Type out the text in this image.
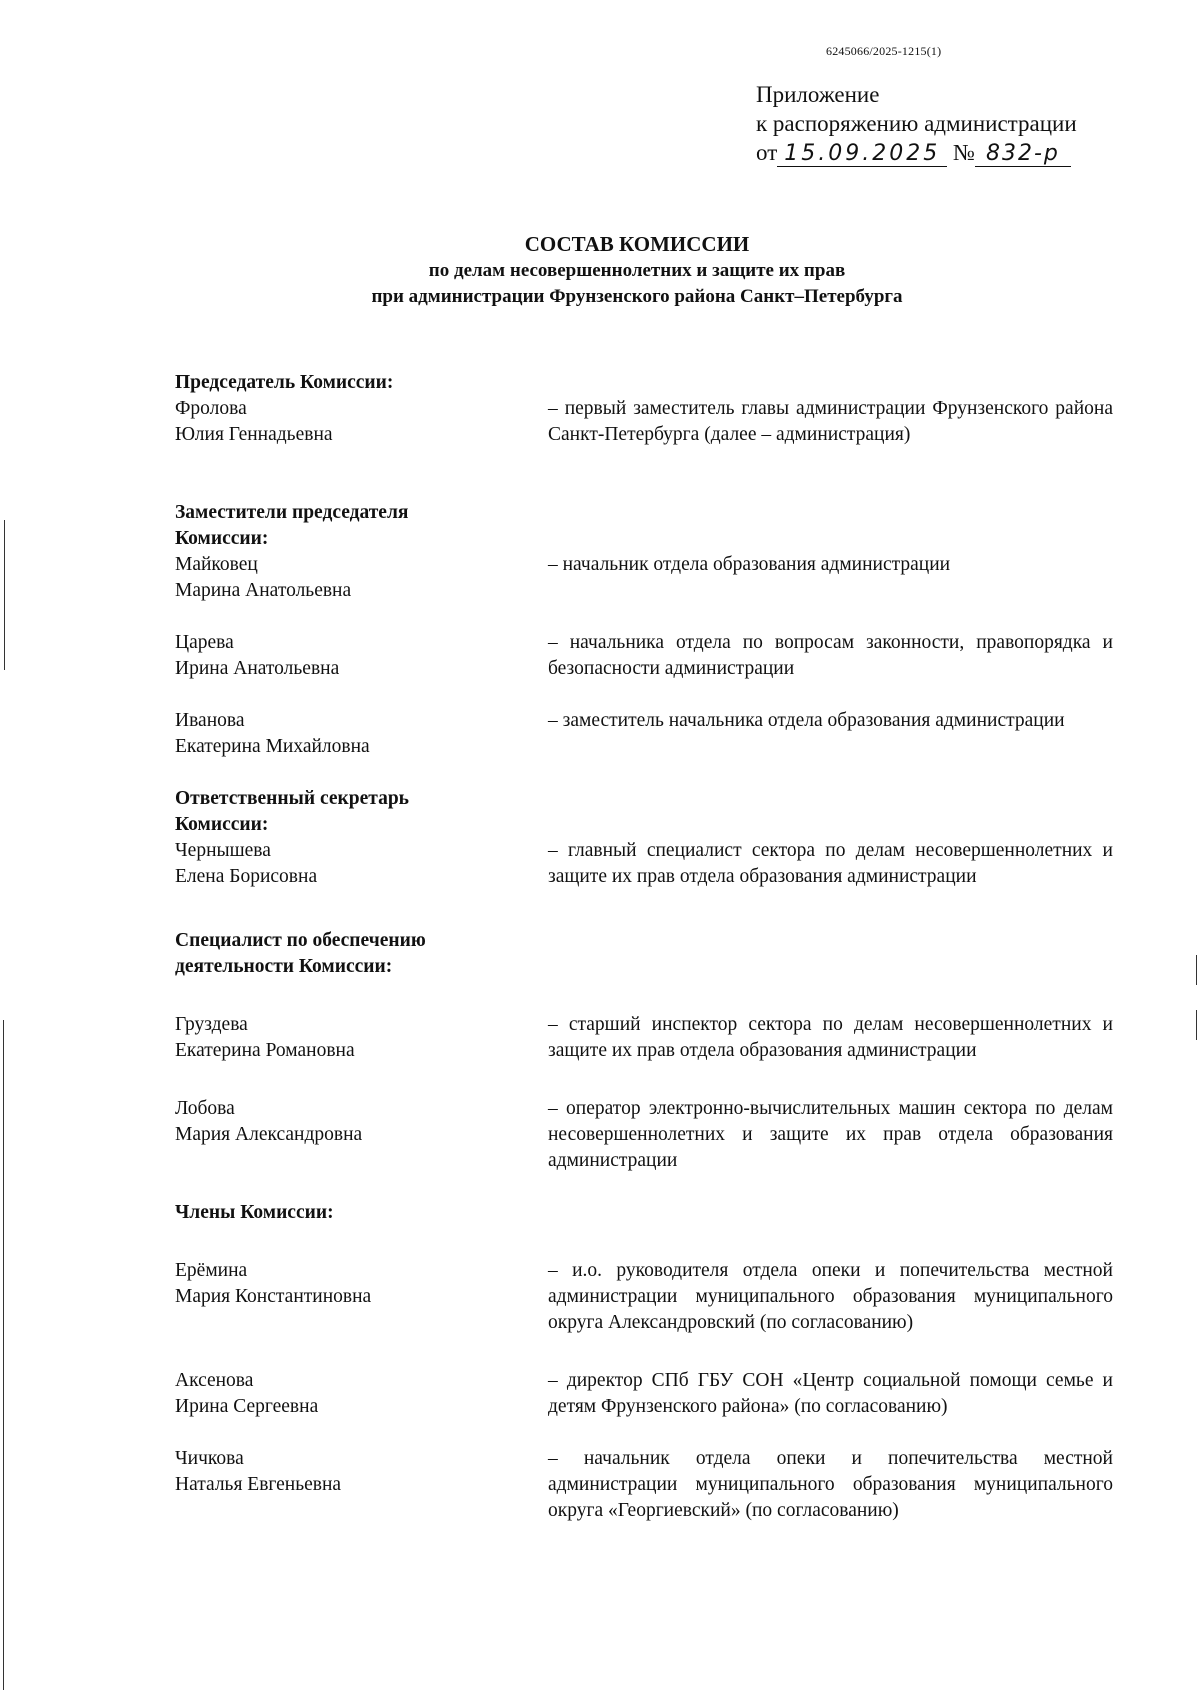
6245066/2025-1215(1)
Приложение
к распоряжению администрации
от 15.09.2025 № 832-р
СОСТАВ КОМИССИИ
по делам несовершеннолетних и защите их прав
при администрации Фрунзенского района Санкт–Петербурга
Председатель Комиссии:
Фролова
Юлия Геннадьевна
– первый заместитель главы администрации Фрунзенского района Санкт-Петербурга (далее – администрация)
Заместители председателя
Комиссии:
Майковец
Марина Анатольевна
– начальник отдела образования администрации
Царева
Ирина Анатольевна
– начальника отдела по вопросам законности, правопорядка и безопасности администрации
Иванова
Екатерина Михайловна
– заместитель начальника отдела образования администрации
Ответственный секретарь
Комиссии:
Чернышева
Елена Борисовна
– главный специалист сектора по делам несовершеннолетних и защите их прав отдела образования администрации
Специалист по обеспечению
деятельности Комиссии:
Груздева
Екатерина Романовна
– старший инспектор сектора по делам несовершеннолетних и защите их прав отдела образования администрации
Лобова
Мария Александровна
– оператор электронно-вычислительных машин сектора по делам несовершеннолетних и защите их прав отдела образования администрации
Члены Комиссии:
Ерёмина
Мария Константиновна
– и.о. руководителя отдела опеки и попечительства местной администрации муниципального образования муниципального округа Александровский (по согласованию)
Аксенова
Ирина Сергеевна
– директор СПб ГБУ СОН «Центр социальной помощи семье и детям Фрунзенского района» (по согласованию)
Чичкова
Наталья Евгеньевна
– начальник отдела опеки и попечительства местной администрации муниципального образования муниципального округа «Георгиевский» (по согласованию)
